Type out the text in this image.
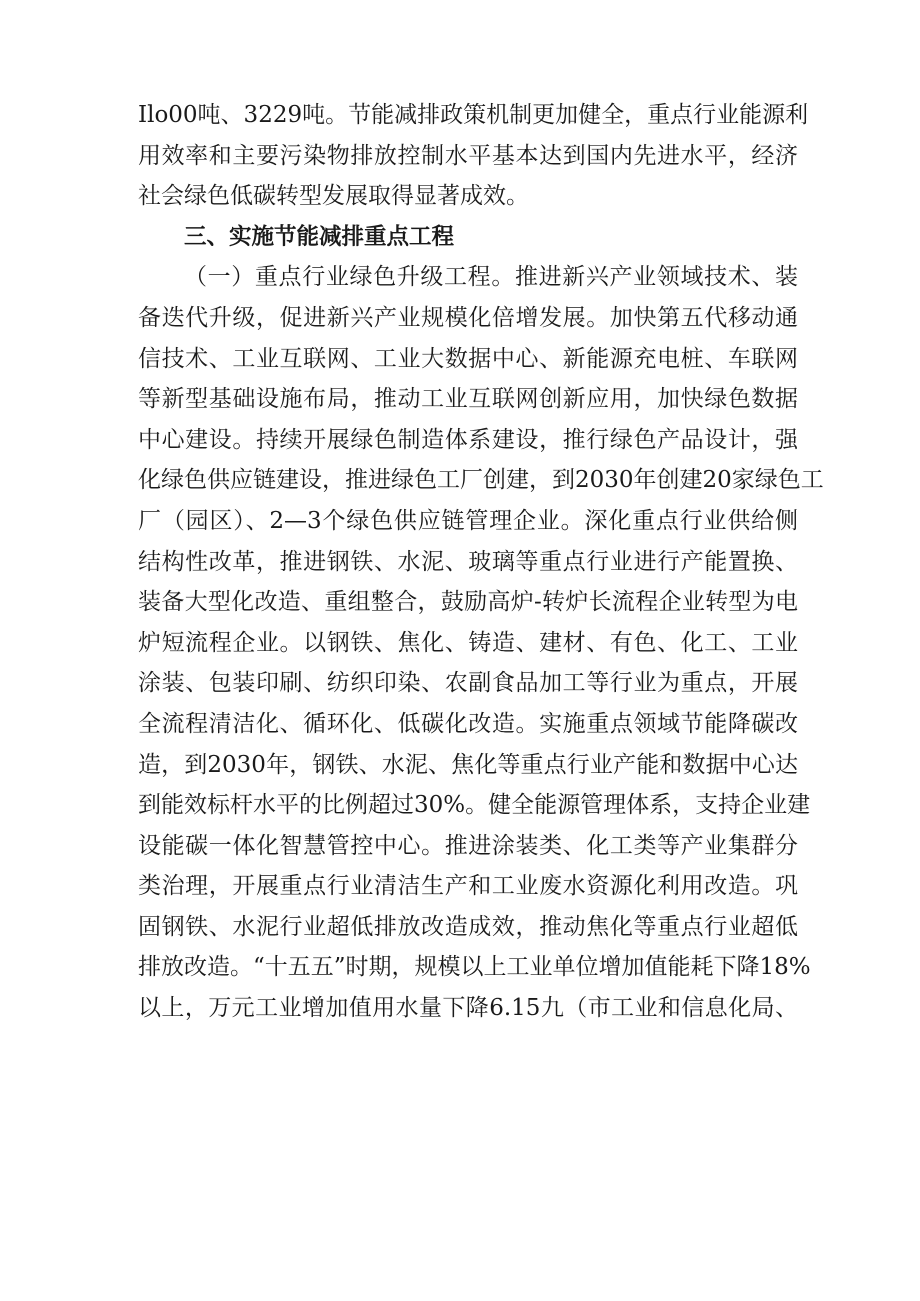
Ilo00吨、3229吨。节能减排政策机制更加健全，重点行业能源利
用效率和主要污染物排放控制水平基本达到国内先进水平，经济
社会绿色低碳转型发展取得显著成效。
三、实施节能减排重点工程
（一）重点行业绿色升级工程。推进新兴产业领域技术、装
备迭代升级，促进新兴产业规模化倍增发展。加快第五代移动通
信技术、工业互联网、工业大数据中心、新能源充电桩、车联网
等新型基础设施布局，推动工业互联网创新应用，加快绿色数据
中心建设。持续开展绿色制造体系建设，推行绿色产品设计，强
化绿色供应链建设，推进绿色工厂创建，到2030年创建20家绿色工
厂（园区）、2—3个绿色供应链管理企业。深化重点行业供给侧
结构性改革，推进钢铁、水泥、玻璃等重点行业进行产能置换、
装备大型化改造、重组整合，鼓励高炉-转炉长流程企业转型为电
炉短流程企业。以钢铁、焦化、铸造、建材、有色、化工、工业
涂装、包装印刷、纺织印染、农副食品加工等行业为重点，开展
全流程清洁化、循环化、低碳化改造。实施重点领域节能降碳改
造，到2030年，钢铁、水泥、焦化等重点行业产能和数据中心达
到能效标杆水平的比例超过30%。健全能源管理体系，支持企业建
设能碳一体化智慧管控中心。推进涂装类、化工类等产业集群分
类治理，开展重点行业清洁生产和工业废水资源化利用改造。巩
固钢铁、水泥行业超低排放改造成效，推动焦化等重点行业超低
排放改造。“十五五”时期，规模以上工业单位增加值能耗下降18%
以上，万元工业增加值用水量下降6.15九（市工业和信息化局、
